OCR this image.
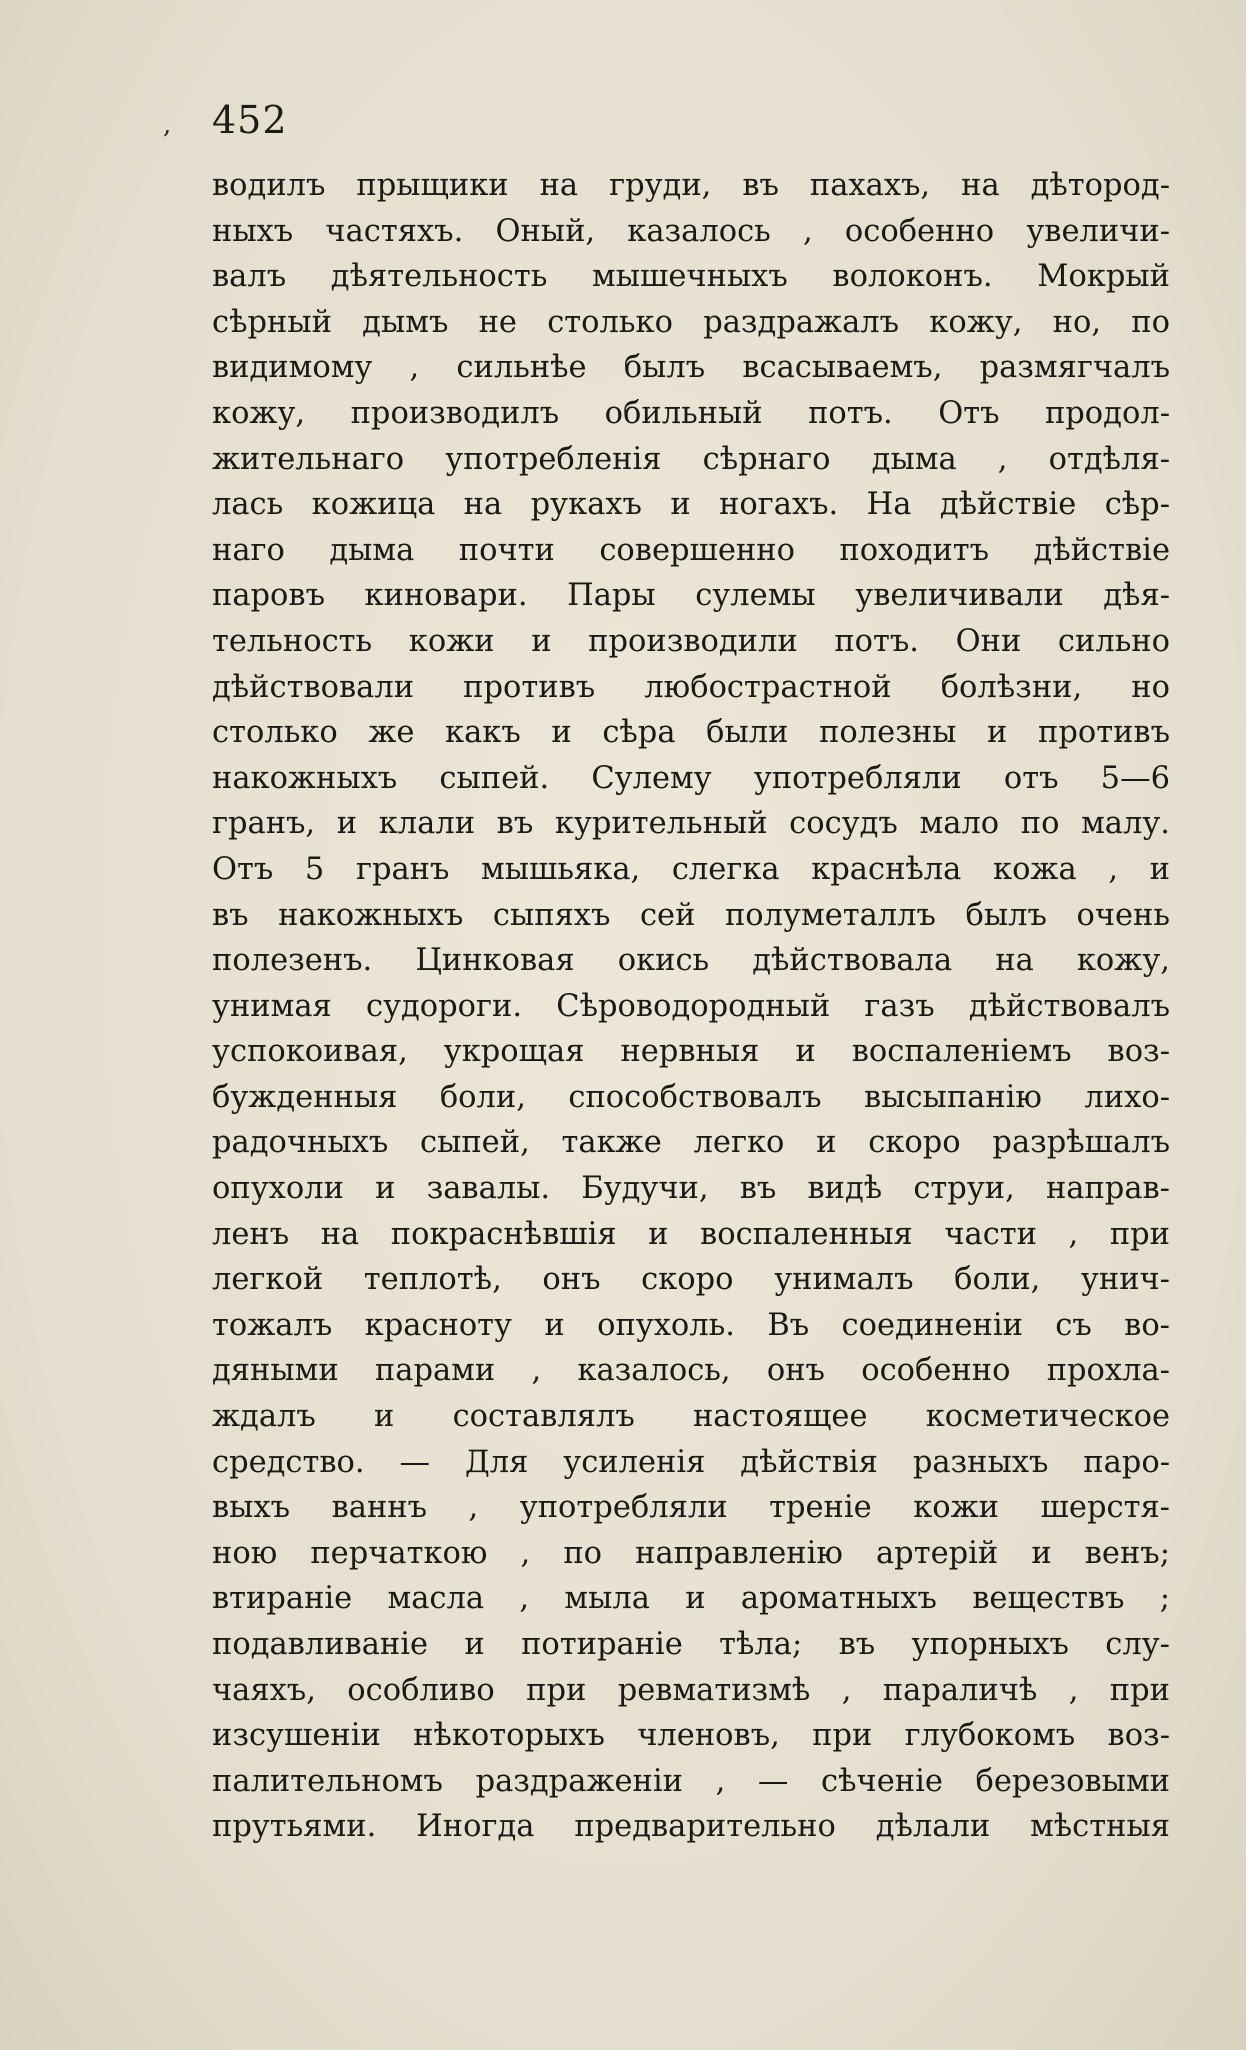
, 452
водилъ прыщики на груди, въ пахахъ, на дѣтород-
ныхъ частяхъ. Оный, казалось , особенно увеличи-
валъ дѣятельность мышечныхъ волоконъ. Мокрый
сѣрный дымъ не столько раздражалъ кожу, но, по
видимому , сильнѣе былъ всасываемъ, размягчалъ
кожу, производилъ обильный потъ. Отъ продол-
жительнаго употребленія сѣрнаго дыма , отдѣля-
лась кожица на рукахъ и ногахъ. На дѣйствіе сѣр-
наго дыма почти совершенно походитъ дѣйствіе
паровъ киновари. Пары сулемы увеличивали дѣя-
тельность кожи и производили потъ. Они сильно
дѣйствовали противъ любострастной болѣзни, но
столько же какъ и сѣра были полезны и противъ
накожныхъ сыпей. Сулему употребляли отъ 5—6
гранъ, и клали въ курительный сосудъ мало по малу.
Отъ 5 гранъ мышьяка, слегка краснѣла кожа , и
въ накожныхъ сыпяхъ сей полуметаллъ былъ очень
полезенъ. Цинковая окись дѣйствовала на кожу,
унимая судороги. Сѣроводородный газъ дѣйствовалъ
успокоивая, укрощая нервныя и воспаленіемъ воз-
бужденныя боли, способствовалъ высыпанію лихо-
радочныхъ сыпей, также легко и скоро разрѣшалъ
опухоли и завалы. Будучи, въ видѣ струи, направ-
ленъ на покраснѣвшія и воспаленныя части , при
легкой теплотѣ, онъ скоро унималъ боли, унич-
тожалъ красноту и опухоль. Въ соединеніи съ во-
дяными парами , казалось, онъ особенно прохла-
ждалъ и составлялъ настоящее косметическое
средство. — Для усиленія дѣйствія разныхъ паро-
выхъ ваннъ , употребляли треніе кожи шерстя-
ною перчаткою , по направленію артерій и венъ;
втираніе масла , мыла и ароматныхъ веществъ ;
подавливаніе и потираніе тѣла; въ упорныхъ слу-
чаяхъ, особливо при ревматизмѣ , параличѣ , при
изсушеніи нѣкоторыхъ членовъ, при глубокомъ воз-
палительномъ раздраженіи , — сѣченіе березовыми
прутьями. Иногда предварительно дѣлали мѣстныя
